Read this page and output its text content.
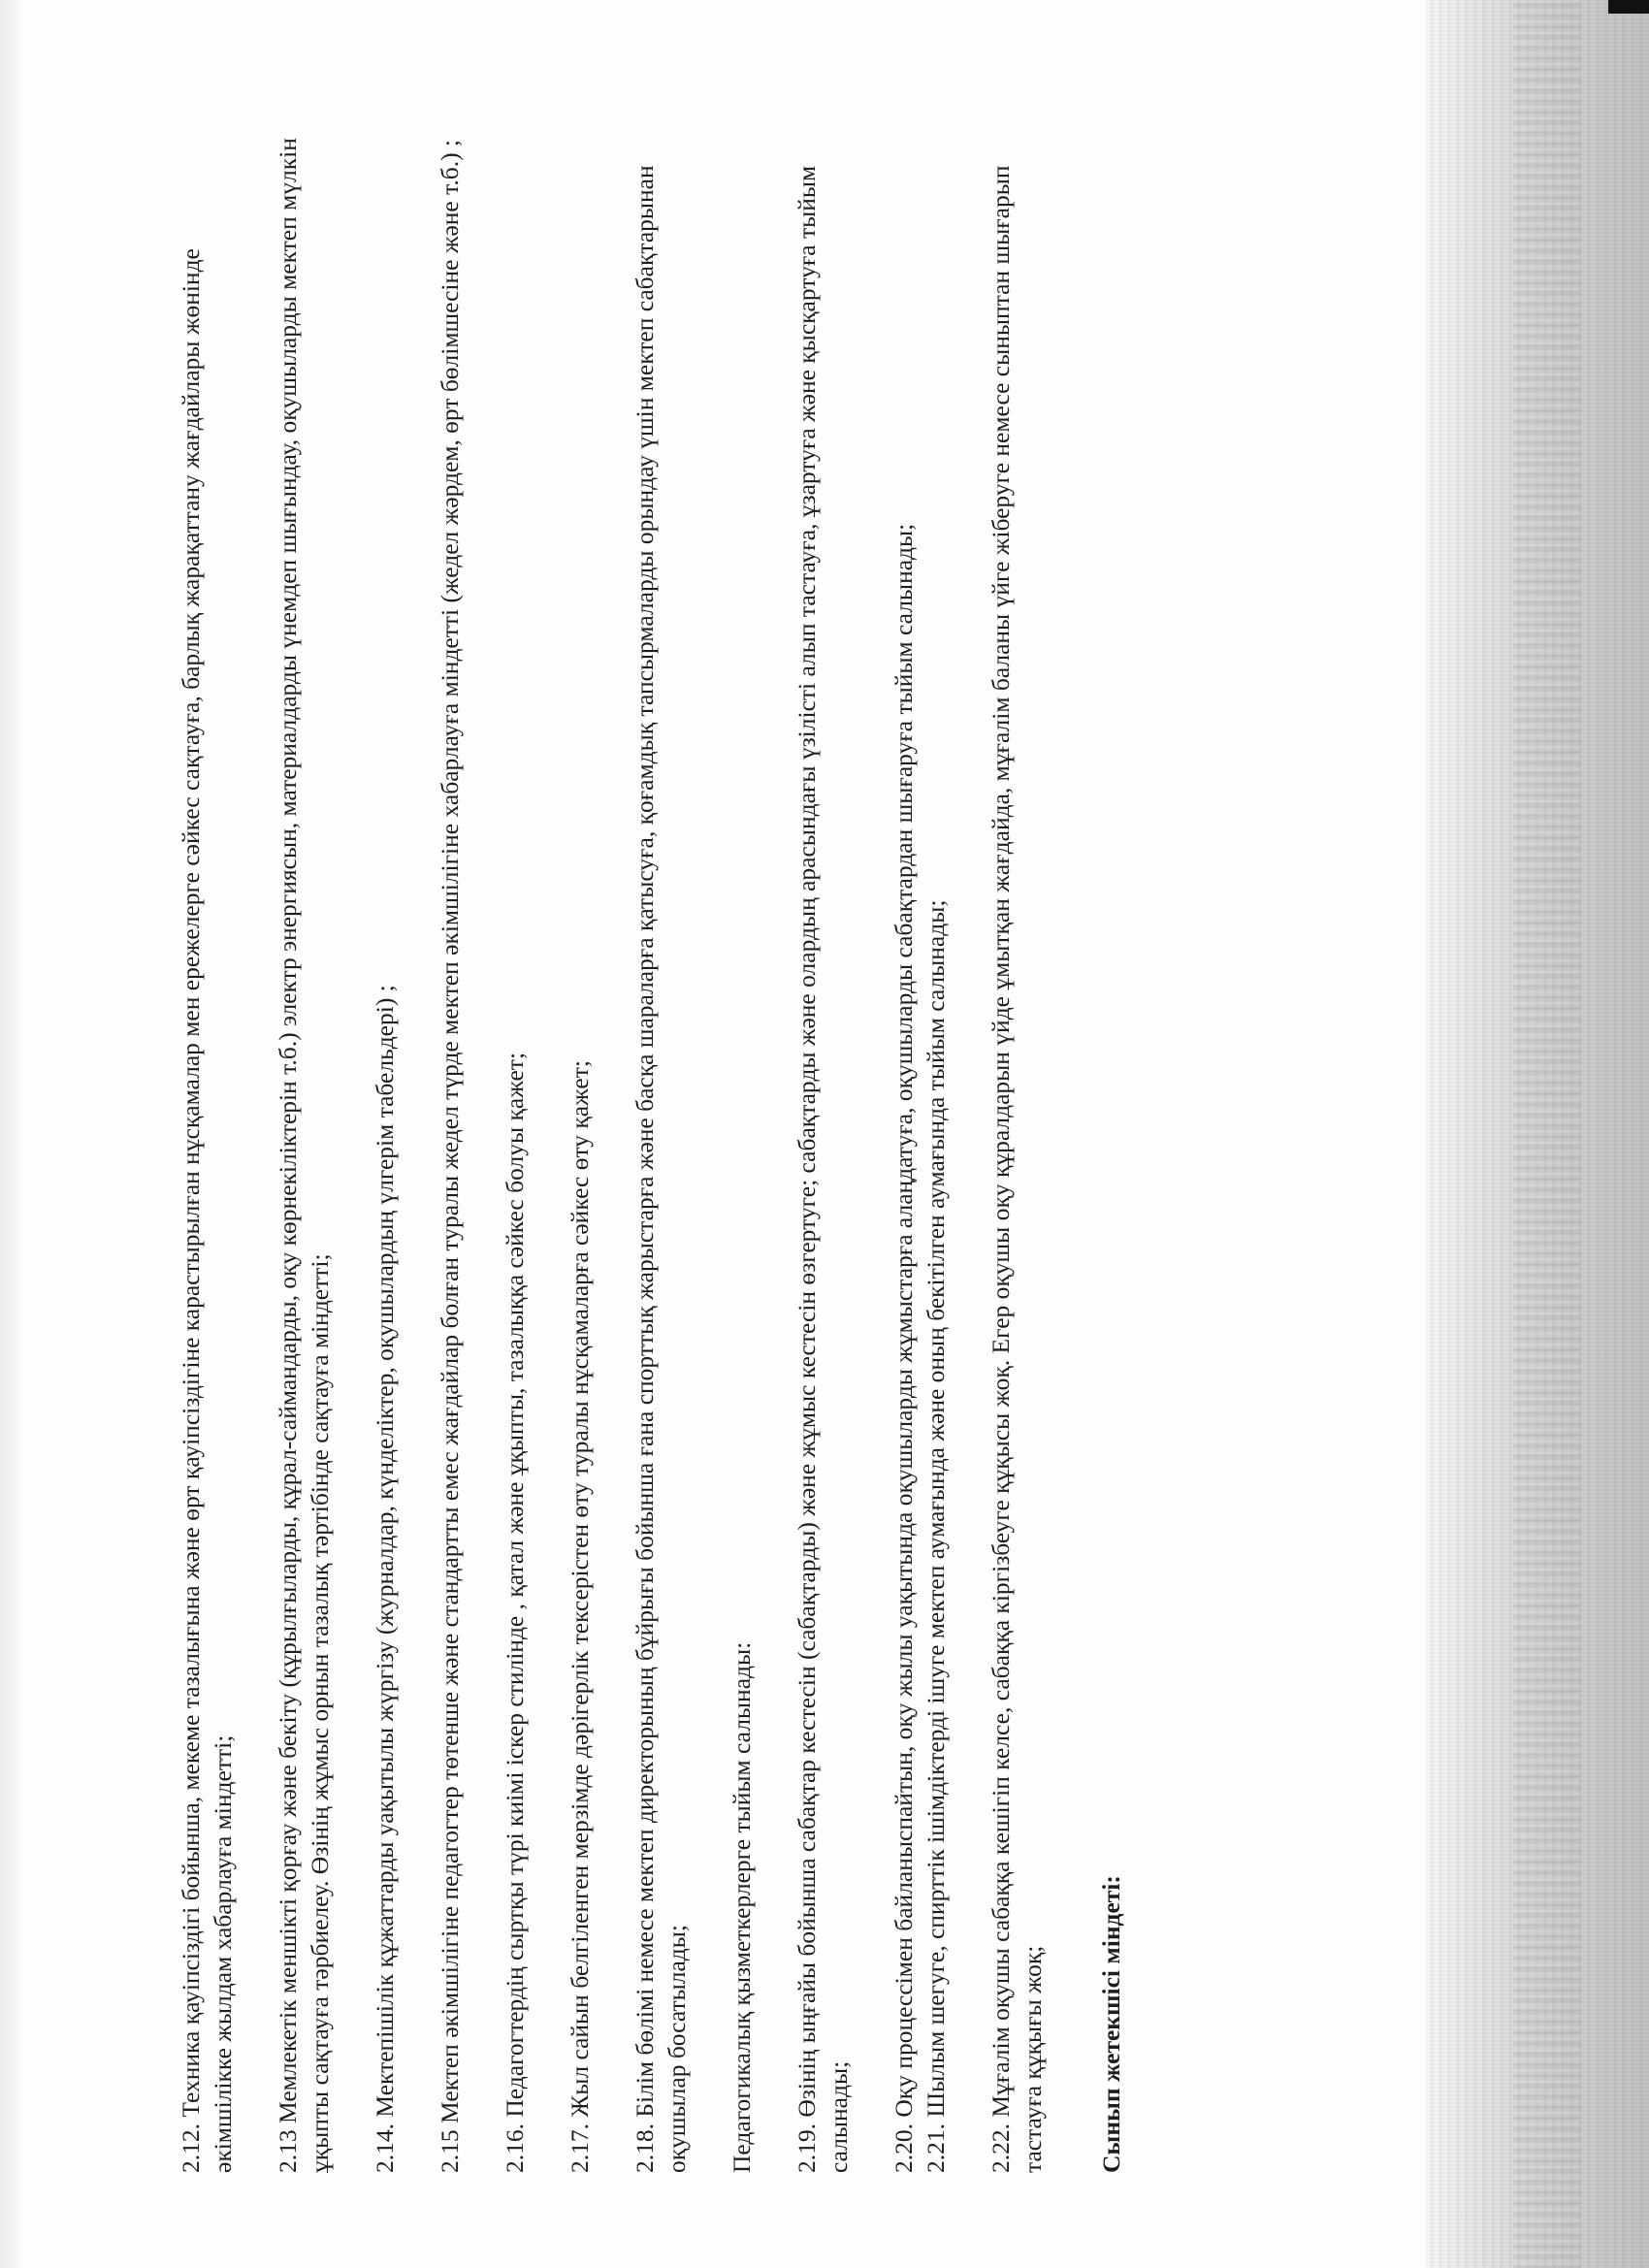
2.12. Техника қауіпсіздігі бойынша, мекеме тазалығына және өрт қауіпсіздігіне карастырылған нұсқамалар мен ережелерге сәйкес сақтауға, барлық жарақаттану жағдайлары жөнінде әкімшілікке жылдам хабарлауға міндетті; 2.13 Мемлекетік меншікті қорғау және бекіту (құрылғыларды, құрал-саймандарды, оқу көрнекіліктерін т.б.) электр энергиясын, материалдарды үнемдеп шығындау, оқушыларды мектеп мүлкін ұқыпты сақтауға тәрбиелеу. Өзінің жұмыс орнын тазалық тәртібінде сақтауға міндетті; 2.14. Мектепішілік құжаттарды уақытылы жүргізу (журналдар, күнделіктер, оқушылардың үлгерім табельдері) ; 2.15 Мектеп әкімшілігіне педагогтер төтенше және стандартты емес жағдайлар болған туралы жедел түрде мектеп әкімшілігіне хабарлауға міндетті (жедел жәрдем, өрт бөлімшесіне және т.б.) ; 2.16. Педагогтердің сыртқы түрі киімі іскер стилінде , қатал және ұқыпты, тазалыққа сәйкес болуы қажет; 2.17. Жыл сайын белгіленген мерзімде дәрігерлік тексерістен өту туралы нұсқамаларға сәйкес өту қажет; 2.18. Білім бөлімі немесе мектеп директорының бұйрығы бойынша ғана спорттық жарыстарға және басқа шараларға қатысуға, қоғамдық тапсырмаларды орындау үшін мектеп сабақтарынан оқушылар босатылады; Педагогикалық қызметкерлерге тыйым салынады: 2.19. Өзінің ыңғайы бойынша сабақтар кестесін (сабақтарды) және жұмыс кестесін өзгертуге; сабақтарды және олардың арасындағы үзілісті алып тастауға, ұзартуға және қысқартуға тыйым салынады; 2.20. Оқу процессімен байланыспайтын, оқу жылы уақытында оқушыларды жұмыстарға алаңдатуға, оқушыларды сабақтардан шығаруға тыйым салынады; 2.21. Шылым шегуге, спирттік ішімдіктерді ішуге мектеп аумағында және оның бекітілген аумағында тыйым салынады; 2.22. Мұғалім оқушы сабаққа кешігіп келсе, сабаққа кіргізбеуге құқысы жоқ. Егер оқушы оқу құралдарын үйде ұмытқан жағдайда, мұғалім баланы үйге жіберуге немесе сыныптан шығарып тастауға құқығы жоқ; Сынып жетекшісі міндеті:
